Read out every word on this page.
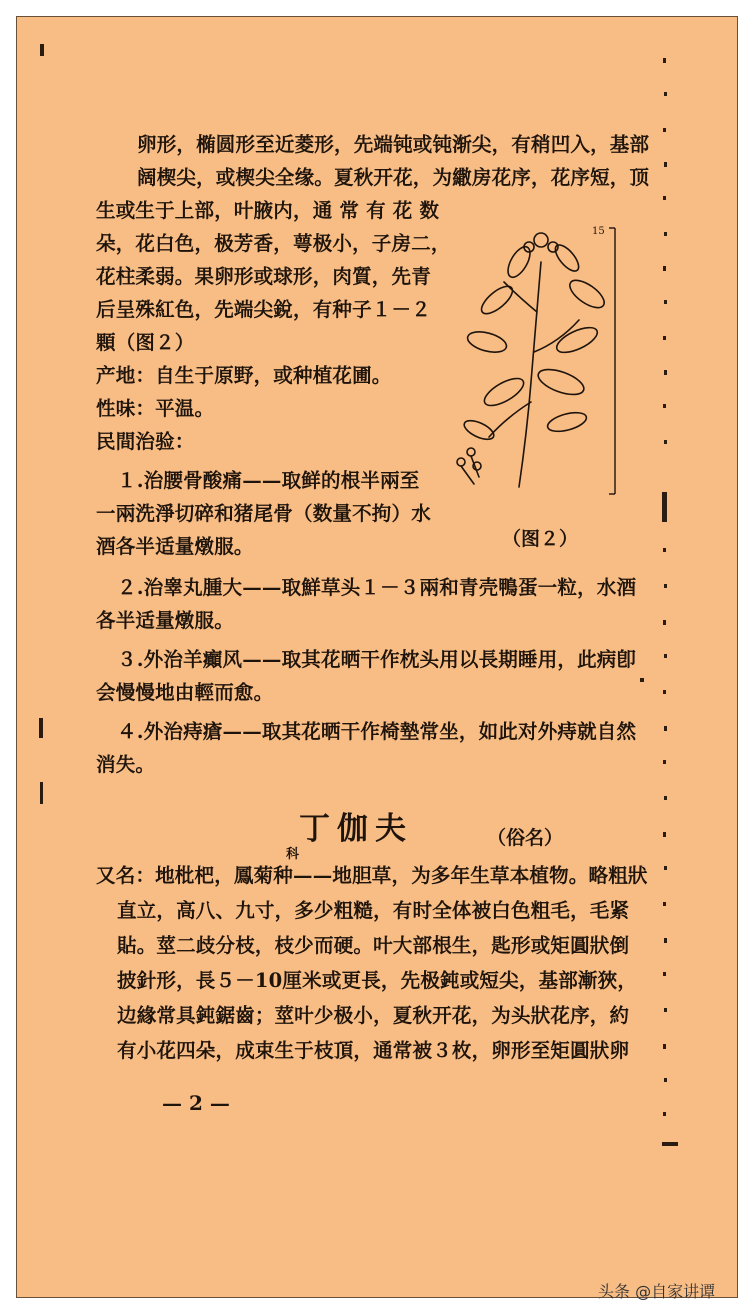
卵形，椭圆形至近菱形，先端钝或钝渐尖，有稍凹入，基部
阔楔尖，或楔尖全缘。夏秋开花，为繖房花序，花序短，顶
生或生于上部，叶腋内，通 常 有 花 数
朵，花白色，极芳香，萼极小，子房二，
花柱柔弱。果卵形或球形，肉質，先青
后呈殊紅色，先端尖銳，有种子１－２
顆（图２）
产地：自生于原野，或种植花圃。
性味：平温。
民間治验：
１.治腰骨酸痛——取鲜的根半兩至
一兩洗淨切碎和猪尾骨（数量不拘）水
酒各半适量燉服。
２.治睾丸腫大——取鮮草头１－３兩和青壳鴨蛋一粒，水酒
各半适量燉服。
３.外治羊癲风——取其花晒干作枕头用以長期睡用，此病卽
会慢慢地由輕而愈。
４.外治痔瘡——取其花晒干作椅墊常坐，如此对外痔就自然
消失。
丁伽夫	（俗名）
科
又名：地枇杷，鳳菊种——地胆草，为多年生草本植物。略粗狀
直立，高八、九寸，多少粗糙，有时全体被白色粗毛，毛紧
貼。莖二歧分枝，枝少而硬。叶大部根生，匙形或矩圓狀倒
披針形，長５－10厘米或更長，先极鈍或短尖，基部漸狹，
边緣常具鈍鋸齒；莖叶少极小，夏秋开花，为头狀花序，約
有小花四朵，成束生于枝頂，通常被３枚，卵形至矩圓狀卵
15
（图２）
— 2 —
头条 @自家讲谭
